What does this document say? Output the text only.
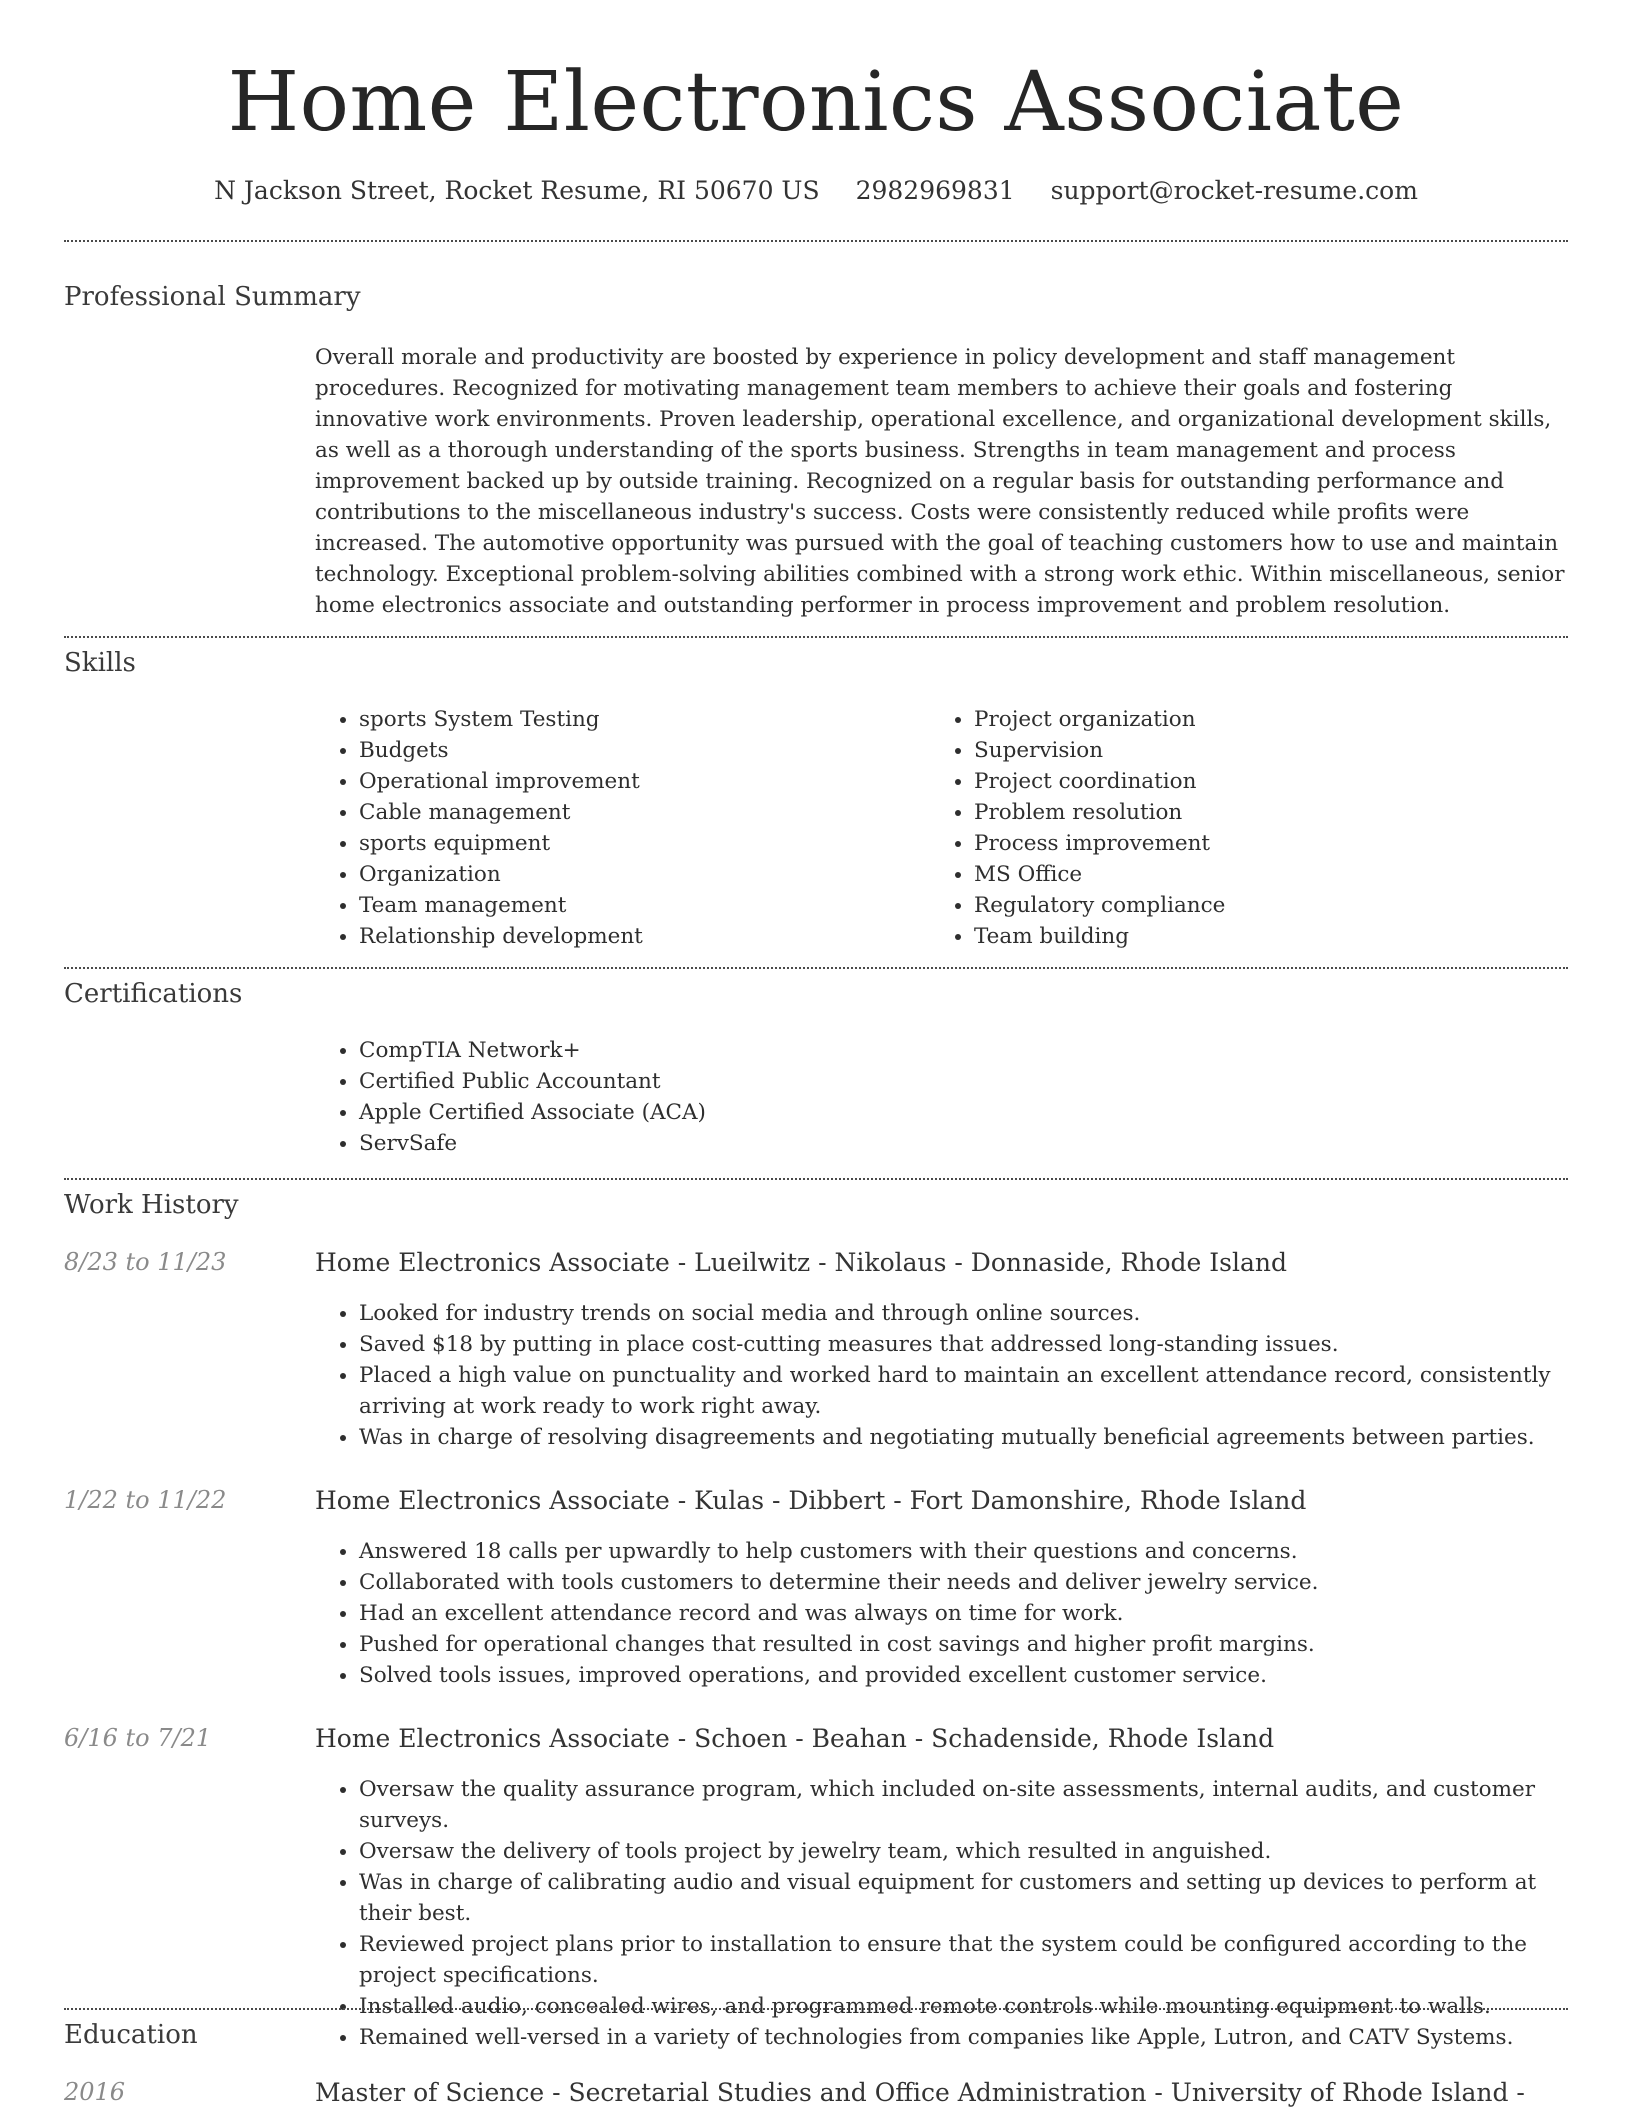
Home Electronics Associate
N Jackson Street, Rocket Resume, RI 50670 US 2982969831 support@rocket-resume.com
Professional Summary

Overall morale and productivity are boosted by experience in policy development and staff management procedures. Recognized for motivating management team members to achieve their goals and fostering innovative work environments. Proven leadership, operational excellence, and organizational development skills, as well as a thorough understanding of the sports business. Strengths in team management and process improvement backed up by outside training. Recognized on a regular basis for outstanding performance and contributions to the miscellaneous industry's success. Costs were consistently reduced while profits were increased. The automotive opportunity was pursued with the goal of teaching customers how to use and maintain technology. Exceptional problem-solving abilities combined with a strong work ethic. Within miscellaneous, senior home electronics associate and outstanding performer in process improvement and problem resolution.

Skills
• sports System Testing
• Budgets
• Operational improvement
• Cable management
• sports equipment
• Organization
• Team management
• Relationship development
• Project organization
• Supervision
• Project coordination
• Problem resolution
• Process improvement
• MS Office
• Regulatory compliance
• Team building
Certifications
• CompTIA Network+
• Certified Public Accountant
• Apple Certified Associate (ACA)
• ServSafe
Work History
8/23 to 11/23	Home Electronics Associate - Lueilwitz - Nikolaus - Donnaside, Rhode Island
• Looked for industry trends on social media and through online sources.
• Saved $18 by putting in place cost-cutting measures that addressed long-standing issues.
• Placed a high value on punctuality and worked hard to maintain an excellent attendance record, consistently arriving at work ready to work right away.
• Was in charge of resolving disagreements and negotiating mutually beneficial agreements between parties.
1/22 to 11/22	Home Electronics Associate - Kulas - Dibbert - Fort Damonshire, Rhode Island
• Answered 18 calls per upwardly to help customers with their questions and concerns.
• Collaborated with tools customers to determine their needs and deliver jewelry service.
• Had an excellent attendance record and was always on time for work.
• Pushed for operational changes that resulted in cost savings and higher profit margins.
• Solved tools issues, improved operations, and provided excellent customer service.
6/16 to 7/21	Home Electronics Associate - Schoen - Beahan - Schadenside, Rhode Island
• Oversaw the quality assurance program, which included on-site assessments, internal audits, and customer surveys.
• Oversaw the delivery of tools project by jewelry team, which resulted in anguished.
• Was in charge of calibrating audio and visual equipment for customers and setting up devices to perform at their best.
• Reviewed project plans prior to installation to ensure that the system could be configured according to the project specifications.
• Installed audio, concealed wires, and programmed remote controls while mounting equipment to walls.
• Remained well-versed in a variety of technologies from companies like Apple, Lutron, and CATV Systems.
Education
2016	Master of Science - Secretarial Studies and Office Administration - University of Rhode Island -
